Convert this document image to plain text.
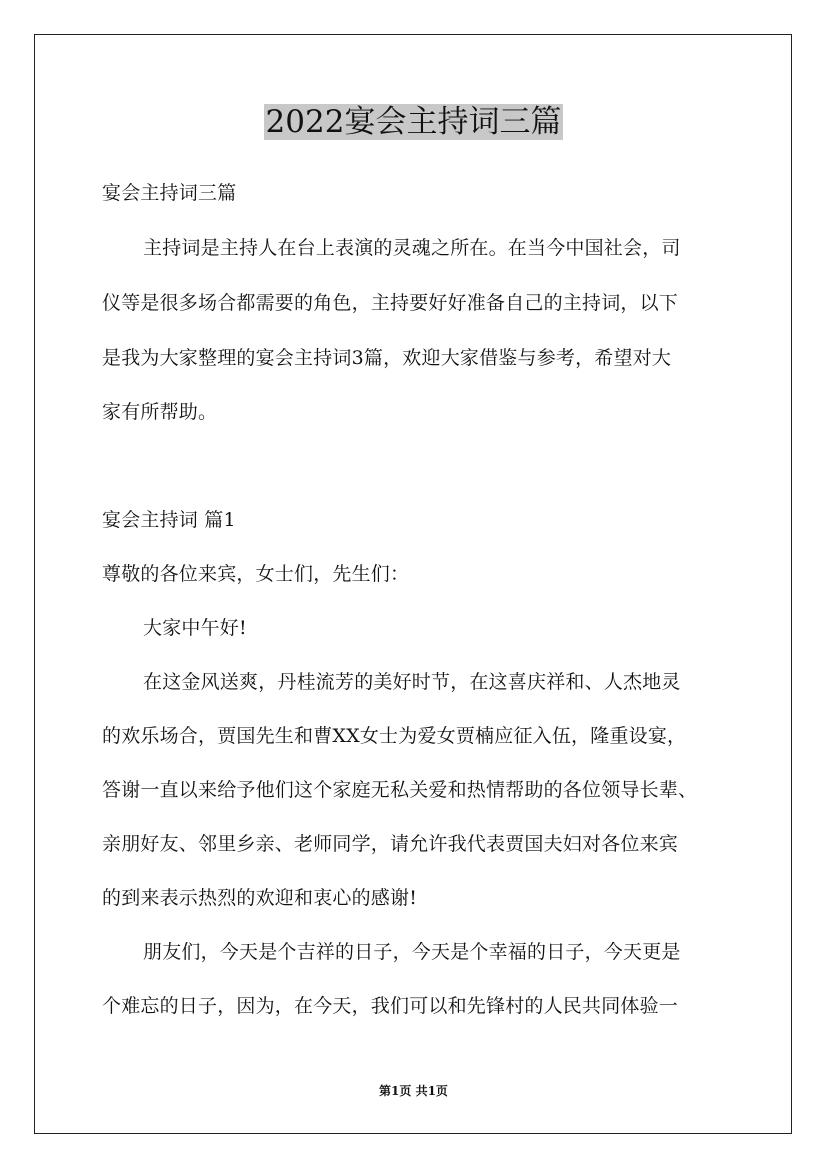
2022宴会主持词三篇
宴会主持词三篇
主持词是主持人在台上表演的灵魂之所在。在当今中国社会，司
仪等是很多场合都需要的角色，主持要好好准备自己的主持词，以下
是我为大家整理的宴会主持词3篇，欢迎大家借鉴与参考，希望对大
家有所帮助。
宴会主持词 篇1
尊敬的各位来宾，女士们，先生们：
大家中午好!
在这金风送爽，丹桂流芳的美好时节，在这喜庆祥和、人杰地灵
的欢乐场合，贾国先生和曹XX女士为爱女贾楠应征入伍，隆重设宴，
答谢一直以来给予他们这个家庭无私关爱和热情帮助的各位领导长辈、
亲朋好友、邻里乡亲、老师同学，请允许我代表贾国夫妇对各位来宾
的到来表示热烈的欢迎和衷心的感谢!
朋友们，今天是个吉祥的日子，今天是个幸福的日子，今天更是
个难忘的日子，因为，在今天，我们可以和先锋村的人民共同体验一
第1页 共1页
